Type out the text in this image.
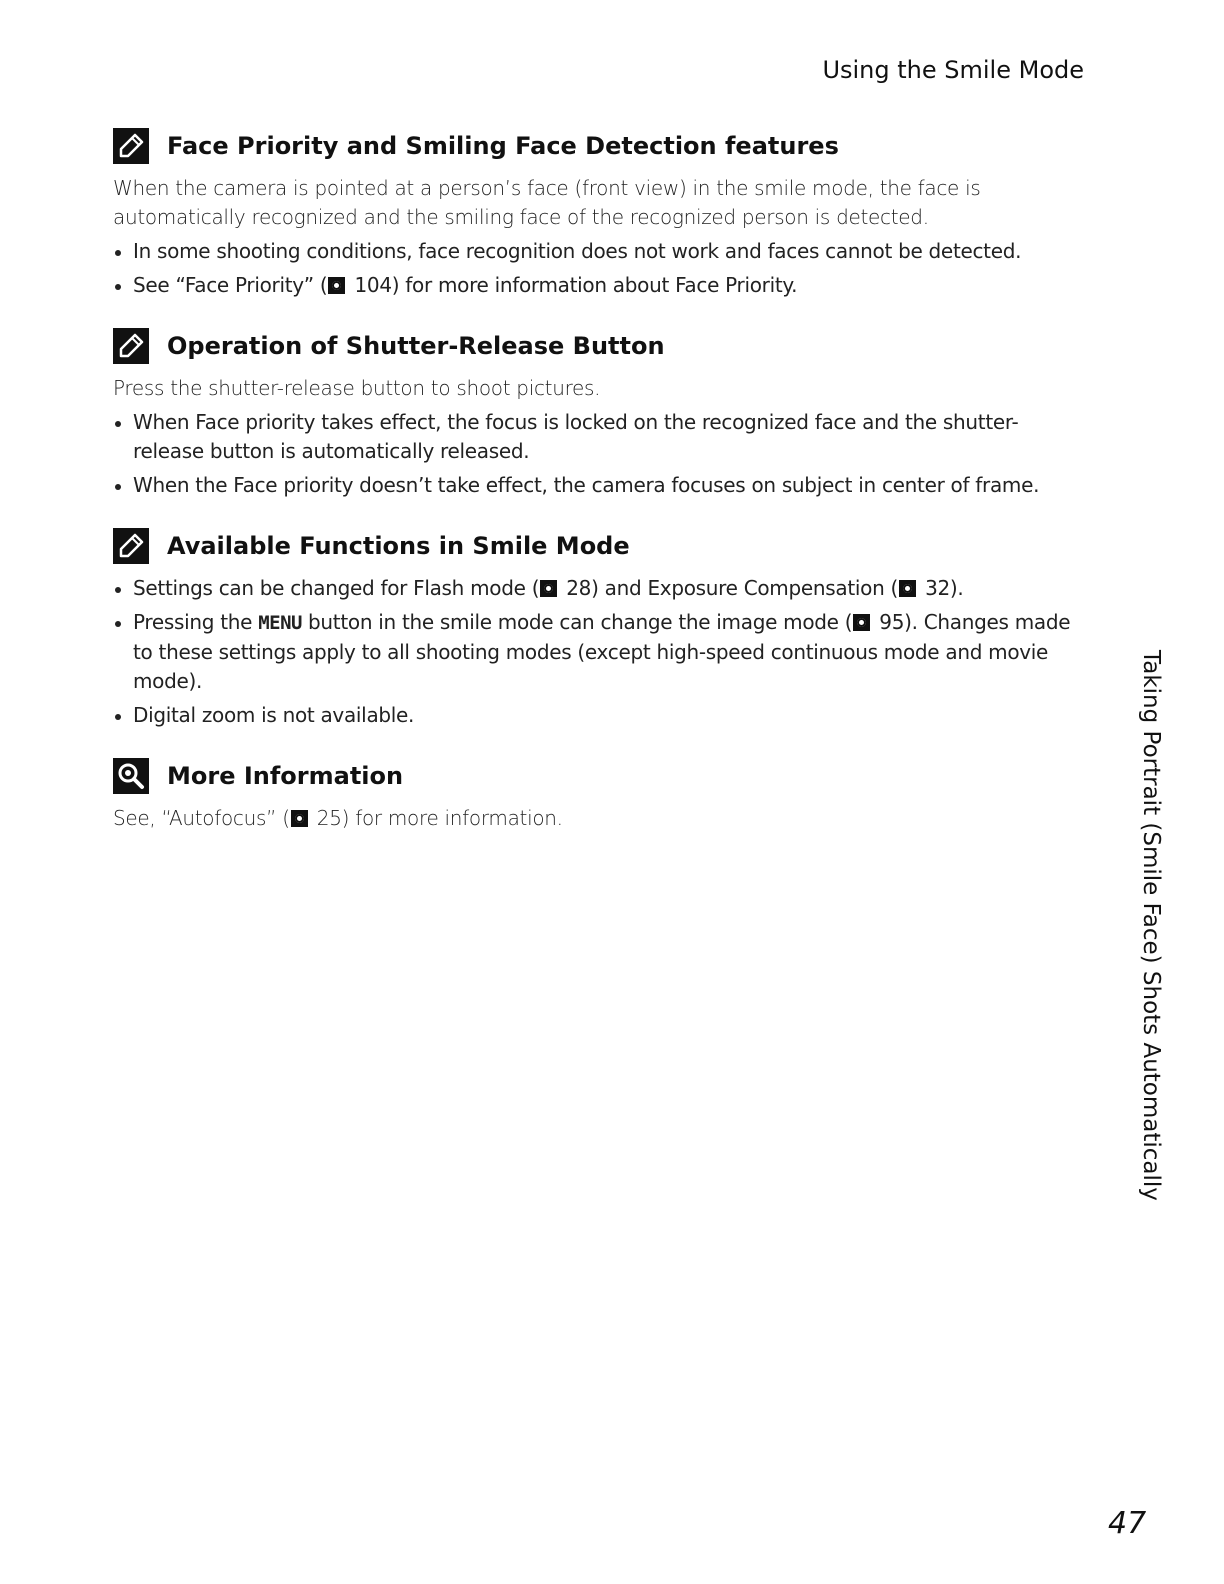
Using the Smile Mode
Face Priority and Smiling Face Detection features

When the camera is pointed at a person’s face (front view) in the smile mode, the face is automatically recognized and the smiling face of the recognized person is detected.

In some shooting conditions, face recognition does not work and faces cannot be detected.
See “Face Priority” ( 104) for more information about Face Priority.
Operation of Shutter-Release Button

Press the shutter-release button to shoot pictures.

When Face priority takes effect, the focus is locked on the recognized face and the shutter-release button is automatically released.
When the Face priority doesn’t take effect, the camera focuses on subject in center of frame.
Available Functions in Smile Mode
Settings can be changed for Flash mode ( 28) and Exposure Compensation ( 32).
Pressing the MENU button in the smile mode can change the image mode ( 95). Changes made to these settings apply to all shooting modes (except high-speed continuous mode and movie mode).
Digital zoom is not available.
More Information

See, “Autofocus” ( 25) for more information.	Taking Portrait (Smile Face) Shots Automatically
47
